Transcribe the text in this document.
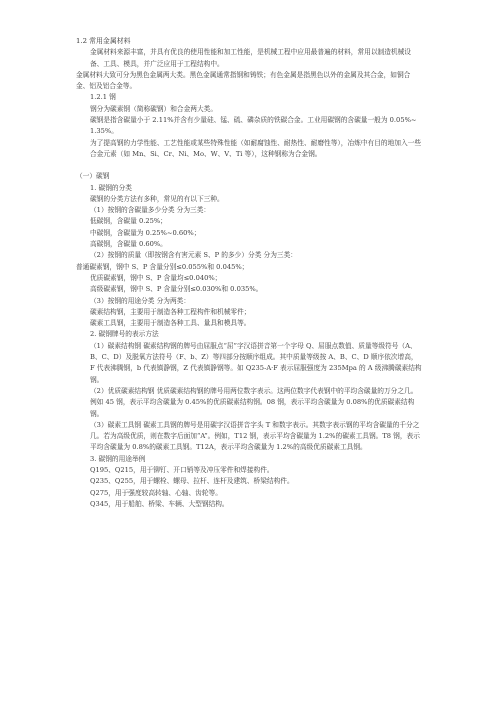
1.2 常用金属材料

金属材料来源丰富，并具有优良的使用性能和加工性能，是机械工程中应用最普遍的材料，常用以制造机械设备、工具、模具，并广泛应用于工程结构中。

金属材料大致可分为黑色金属两大类。黑色金属通常指钢和铸铁；有色金属是指黑色以外的金属及其合金，如铜合金、铝及铝合金等。

1.2.1 钢

钢分为碳素钢（简称碳钢）和合金两大类。

碳钢是指含碳量小于 2.11%并含有少量硅、锰、硫、磷杂质的铁碳合金。工业用碳钢的含碳量一般为 0.05%~1.35%。

为了提高钢的力学性能、工艺性能或某些特殊性能（如耐腐蚀性、耐热性、耐磨性等），冶炼中有目的地加入一些合金元素（如 Mn、Si、Cr、Ni、Mo、W、V、Ti 等），这种钢称为合金钢。

（一）碳钢

1. 碳钢的分类

碳钢的分类方法有多种，常见的有以下三种。

（1）按钢的含碳量多少分类 分为三类：

低碳钢，含碳量 0.25%；

中碳钢，含碳量为 0.25%~0.60%；

高碳钢，含碳量 0.60%。

（2）按钢的质量（即按钢含有害元素 S、P 的多少）分类 分为三类：

普通碳素钢，钢中 S、P 含量分别≤0.055%和 0.045%；

优质碳素钢，钢中 S、P 含量均≤0.040%；

高级碳素钢，钢中 S、P 含量分别≤0.030%和 0.035%。

（3）按钢的用途分类 分为两类：

碳素结构钢，主要用于制造各种工程构件和机械零件；

碳素工具钢，主要用于制造各种工具、量具和模具等。

2. 碳钢牌号的表示方法

（1）碳素结构钢 碳素结构钢的牌号由屈服点“屈”字汉语拼音第一个字母 Q、屈服点数值、质量等级符号（A、B、C、D）及脱氧方法符号（F、b、Z）等四部分按顺序组成。其中质量等级按 A、B、C、D 顺序依次增高，F 代表沸腾钢，b 代表镇静钢，Z 代表镇静钢等。如 Q235-A·F 表示屈服强度为 235Mpa 的 A 级沸腾碳素结构钢。

（2）优质碳素结构钢 优质碳素结构钢的牌号用两位数字表示。这两位数字代表钢中的平均含碳量的万分之几。例如 45 钢，表示平均含碳量为 0.45%的优质碳素结构钢。08 钢，表示平均含碳量为 0.08%的优质碳素结构钢。

（3）碳素工具钢 碳素工具钢的牌号是用碳字汉语拼音字头 T 和数字表示。其数字表示钢的平均含碳量的千分之几。若为高级优质，则在数字后面加“A”。例如，T12 钢，表示平均含碳量为 1.2%的碳素工具钢。T8 钢，表示平均含碳量为 0.8%的碳素工具钢。T12A，表示平均含碳量为 1.2%的高级优质碳素工具钢。

3. 碳钢的用途举例

Q195、Q215，用于铆钉、开口销等及冲压零件和焊接构件。

Q235、Q255，用于螺栓、螺母、拉杆、连杆及建筑、桥梁结构件。

Q275，用于强度较高转轴、心轴、齿轮等。

Q345，用于船舶、桥梁、车辆、大型钢结构。
